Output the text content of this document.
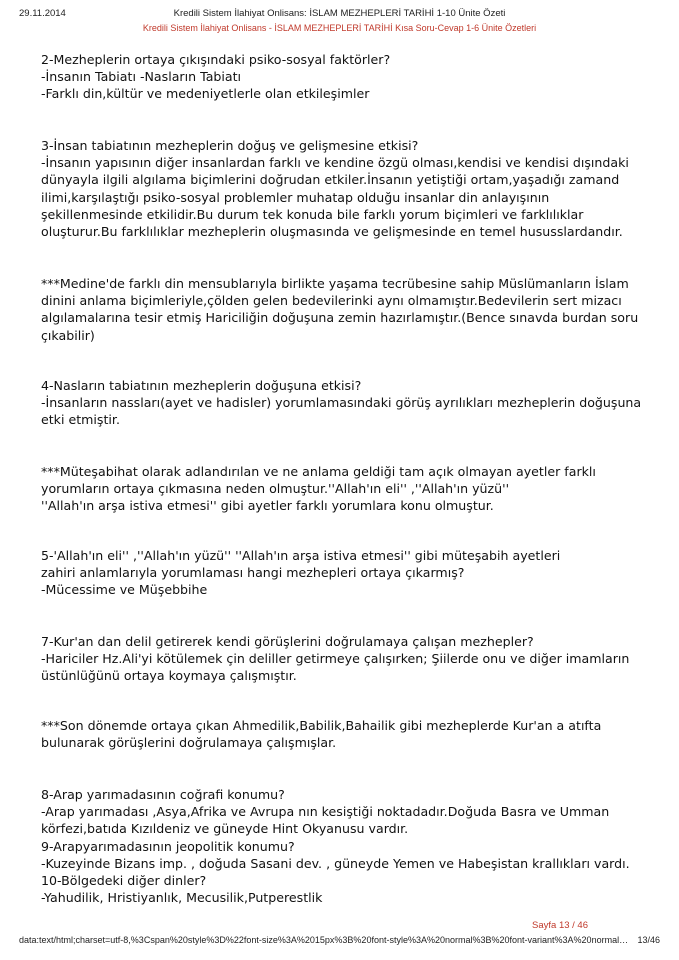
29.11.2014	Kredili Sistem İlahiyat Onlisans: İSLAM MEZHEPLERİ TARİHİ 1-10 Ünite Özeti
Kredili Sistem İlahiyat Onlisans - İSLAM MEZHEPLERİ TARİHİ Kısa Soru-Cevap 1-6 Ünite Özetleri

2-Mezheplerin ortaya çıkışındaki psiko-sosyal faktörler?

-İnsanın Tabiatı -Nasların Tabiatı

-Farklı din,kültür ve medeniyetlerle olan etkileşimler

3-İnsan tabiatının mezheplerin doğuş ve gelişmesine etkisi?

-İnsanın yapısının diğer insanlardan farklı ve kendine özgü olması,kendisi ve kendisi dışındaki

dünyayla ilgili algılama biçimlerini doğrudan etkiler.İnsanın yetiştiği ortam,yaşadığı zamand

ilimi,karşılaştığı psiko-sosyal problemler muhatap olduğu insanlar din anlayışının

şekillenmesinde etkilidir.Bu durum tek konuda bile farklı yorum biçimleri ve farklılıklar

oluşturur.Bu farklılıklar mezheplerin oluşmasında ve gelişmesinde en temel hususslardandır.

***Medine'de farklı din mensublarıyla birlikte yaşama tecrübesine sahip Müslümanların İslam

dinini anlama biçimleriyle,çölden gelen bedevilerinki aynı olmamıştır.Bedevilerin sert mizacı

algılamalarına tesir etmiş Hariciliğin doğuşuna zemin hazırlamıştır.(Bence sınavda burdan soru

çıkabilir)

4-Nasların tabiatının mezheplerin doğuşuna etkisi?

-İnsanların nassları(ayet ve hadisler) yorumlamasındaki görüş ayrılıkları mezheplerin doğuşuna

etki etmiştir.

***Müteşabihat olarak adlandırılan ve ne anlama geldiği tam açık olmayan ayetler farklı

yorumların ortaya çıkmasına neden olmuştur.''Allah'ın eli'' ,''Allah'ın yüzü''

''Allah'ın arşa istiva etmesi'' gibi ayetler farklı yorumlara konu olmuştur.

5-'Allah'ın eli'' ,''Allah'ın yüzü'' ''Allah'ın arşa istiva etmesi'' gibi müteşabih ayetleri

zahiri anlamlarıyla yorumlaması hangi mezhepleri ortaya çıkarmış?

-Mücessime ve Müşebbihe

7-Kur'an dan delil getirerek kendi görüşlerini doğrulamaya çalışan mezhepler?

-Hariciler Hz.Ali'yi kötülemek çin deliller getirmeye çalışırken; Şiilerde onu ve diğer imamların

üstünlüğünü ortaya koymaya çalışmıştır.

***Son dönemde ortaya çıkan Ahmedilik,Babilik,Bahailik gibi mezheplerde Kur'an a atıfta

bulunarak görüşlerini doğrulamaya çalışmışlar.

8-Arap yarımadasının coğrafi konumu?

-Arap yarımadası ,Asya,Afrika ve Avrupa nın kesiştiği noktadadır.Doğuda Basra ve Umman

körfezi,batıda Kızıldeniz ve güneyde Hint Okyanusu vardır.

9-Arapyarımadasının jeopolitik konumu?

-Kuzeyinde Bizans imp. , doğuda Sasani dev. , güneyde Yemen ve Habeşistan krallıkları vardı.

10-Bölgedeki diğer dinler?

-Yahudilik, Hristiyanlık, Mecusilik,Putperestlik

Sayfa 13 / 46
data:text/html;charset=utf-8,%3Cspan%20style%3D%22font-size%3A%2015px%3B%20font-style%3A%20normal%3B%20font-variant%3A%20normal… 13/46
